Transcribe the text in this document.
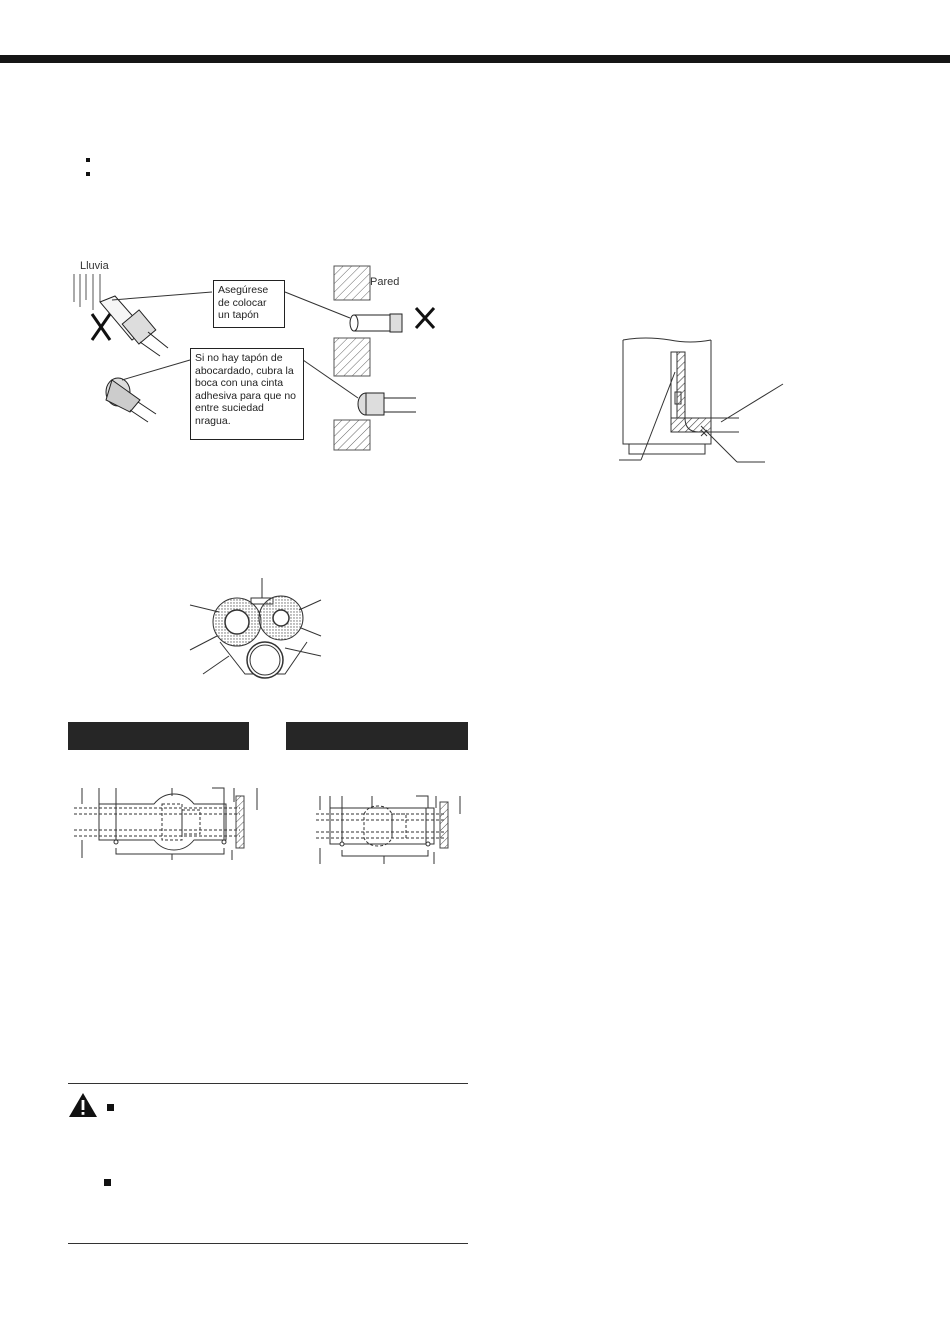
Lluvia
Pared
Asegúrese de colocar un tapón
Si no hay tapón de abocardado, cubra la boca con una cinta adhesiva para que no entre suciedad nragua.
